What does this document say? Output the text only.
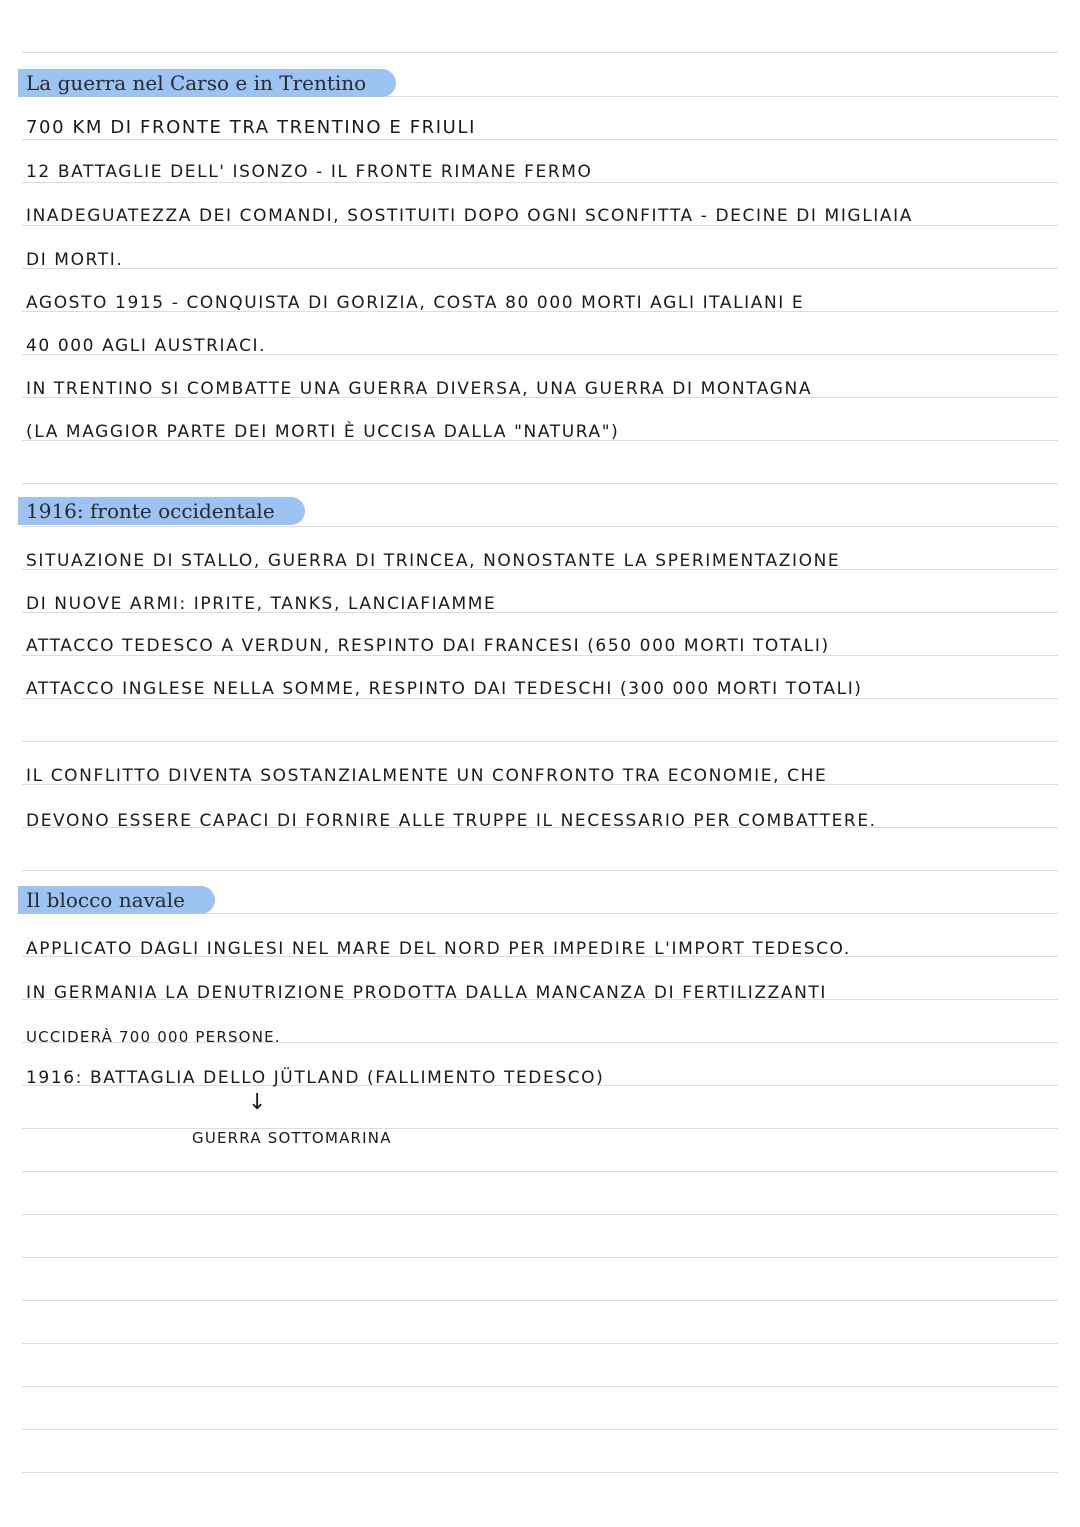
La guerra nel Carso e in Trentino
700 KM DI FRONTE TRA TRENTINO E FRIULI
12 BATTAGLIE DELL' ISONZO - IL FRONTE RIMANE FERMO
INADEGUATEZZA DEI COMANDI, SOSTITUITI DOPO OGNI SCONFITTA - DECINE DI MIGLIAIA
DI MORTI.
AGOSTO 1915 - CONQUISTA DI GORIZIA, COSTA 80 000 MORTI AGLI ITALIANI E
40 000 AGLI AUSTRIACI.
IN TRENTINO SI COMBATTE UNA GUERRA DIVERSA, UNA GUERRA DI MONTAGNA
(LA MAGGIOR PARTE DEI MORTI È UCCISA DALLA "NATURA")
1916: fronte occidentale
SITUAZIONE DI STALLO, GUERRA DI TRINCEA, NONOSTANTE LA SPERIMENTAZIONE
DI NUOVE ARMI: IPRITE, TANKS, LANCIAFIAMME
ATTACCO TEDESCO A VERDUN, RESPINTO DAI FRANCESI (650 000 MORTI TOTALI)
ATTACCO INGLESE NELLA SOMME, RESPINTO DAI TEDESCHI (300 000 MORTI TOTALI)
IL CONFLITTO DIVENTA SOSTANZIALMENTE UN CONFRONTO TRA ECONOMIE, CHE
DEVONO ESSERE CAPACI DI FORNIRE ALLE TRUPPE IL NECESSARIO PER COMBATTERE.
Il blocco navale
APPLICATO DAGLI INGLESI NEL MARE DEL NORD PER IMPEDIRE L'IMPORT TEDESCO.
IN GERMANIA LA DENUTRIZIONE PRODOTTA DALLA MANCANZA DI FERTILIZZANTI
UCCIDERÀ 700 000 PERSONE.
1916: BATTAGLIA DELLO JÜTLAND (FALLIMENTO TEDESCO)
↓
GUERRA SOTTOMARINA
